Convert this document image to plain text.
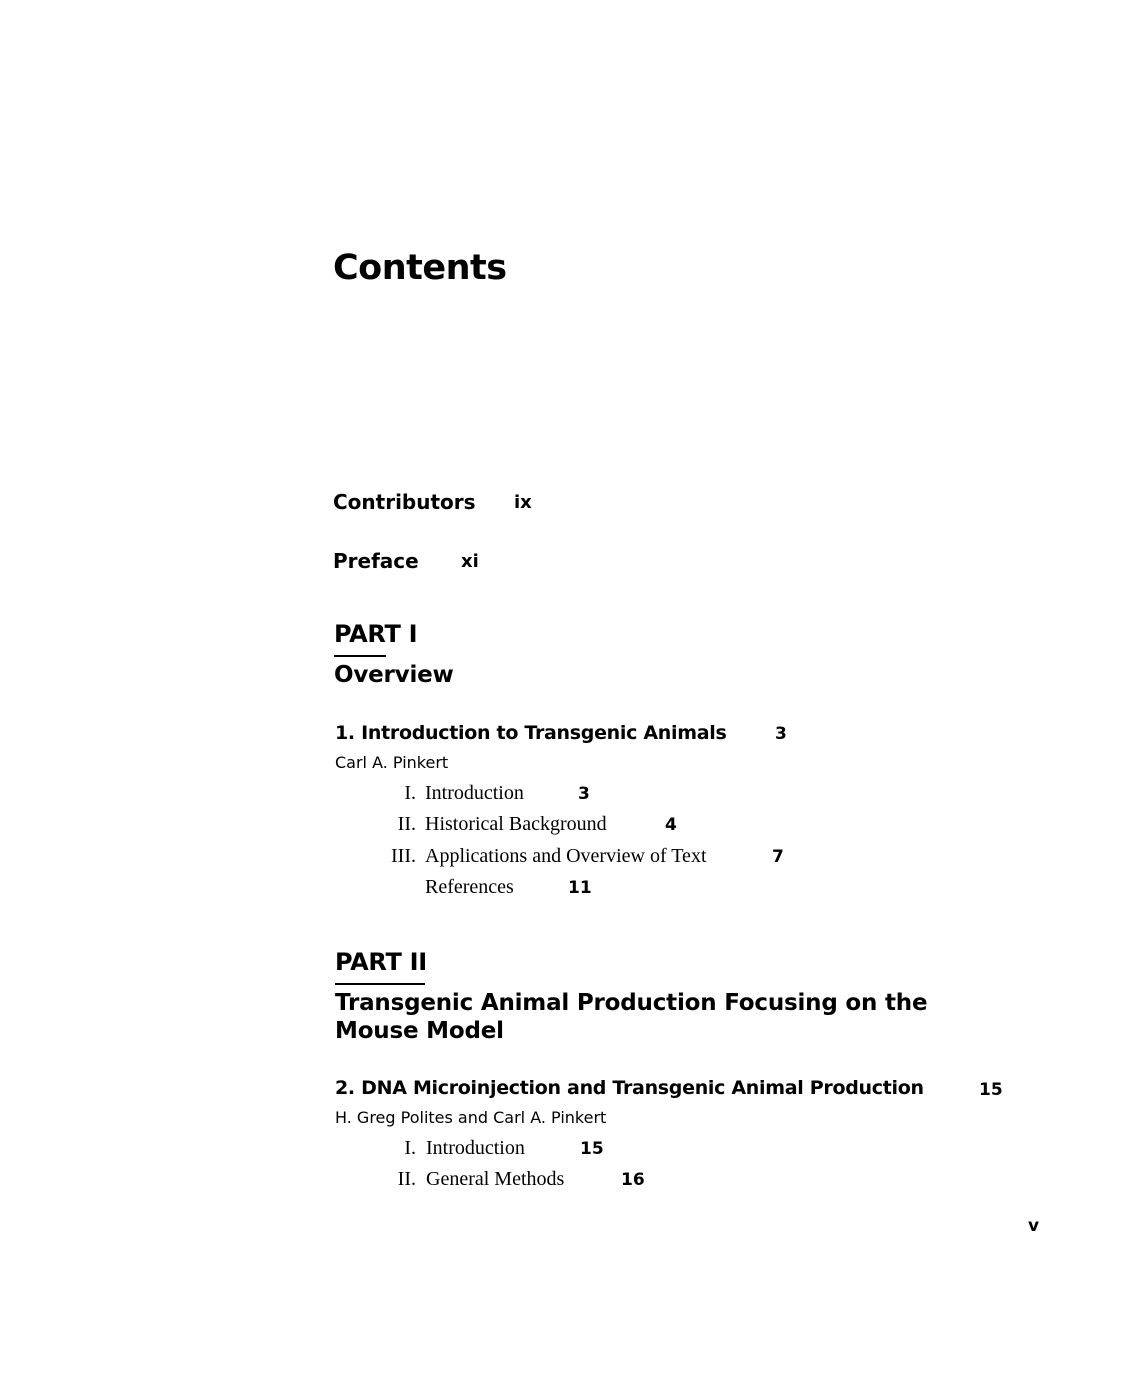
Contents
Contributors ix
Preface xi
PART I
Overview
1. Introduction to Transgenic Animals	3
Carl A. Pinkert
I. Introduction	3
II. Historical Background	4
III. Applications and Overview of Text	7
References	11
PART II
Transgenic Animal Production Focusing on the
Mouse Model
2. DNA Microinjection and Transgenic Animal Production	15
H. Greg Polites and Carl A. Pinkert
I. Introduction	15
II. General Methods	16
v
